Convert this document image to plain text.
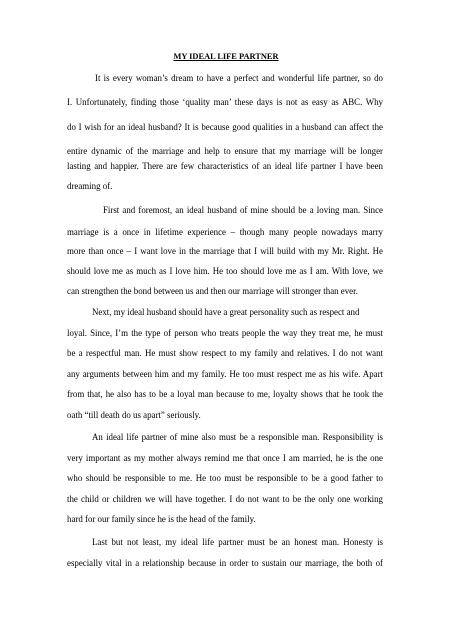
MY IDEAL LIFE PARTNER

It is every woman’s dream to have a perfect and wonderful life partner, so do

I. Unfortunately, finding those ‘quality man’ these days is not as easy as ABC. Why

do I wish for an ideal husband? It is because good qualities in a husband can affect the

entire dynamic of the marriage and help to ensure that my marriage will be longer

lasting and happier. There are few characteristics of an ideal life partner I have been

dreaming of.

First and foremost, an ideal husband of mine should be a loving man. Since

marriage is a once in lifetime experience – though many people nowadays marry

more than once – I want love in the marriage that I will build with my Mr. Right. He

should love me as much as I love him. He too should love me as I am. With love, we

can strengthen the bond between us and then our marriage will stronger than ever.

Next, my ideal husband should have a great personality such as respect and

loyal. Since, I’m the type of person who treats people the way they treat me, he must

be a respectful man. He must show respect to my family and relatives. I do not want

any arguments between him and my family. He too must respect me as his wife. Apart

from that, he also has to be a loyal man because to me, loyalty shows that he took the

oath “till death do us apart” seriously.

An ideal life partner of mine also must be a responsible man. Responsibility is

very important as my mother always remind me that once I am married, he is the one

who should be responsible to me. He too must be responsible to be a good father to

the child or children we will have together. I do not want to be the only one working

hard for our family since he is the head of the family.

Last but not least, my ideal life partner must be an honest man. Honesty is

especially vital in a relationship because in order to sustain our marriage, the both of
